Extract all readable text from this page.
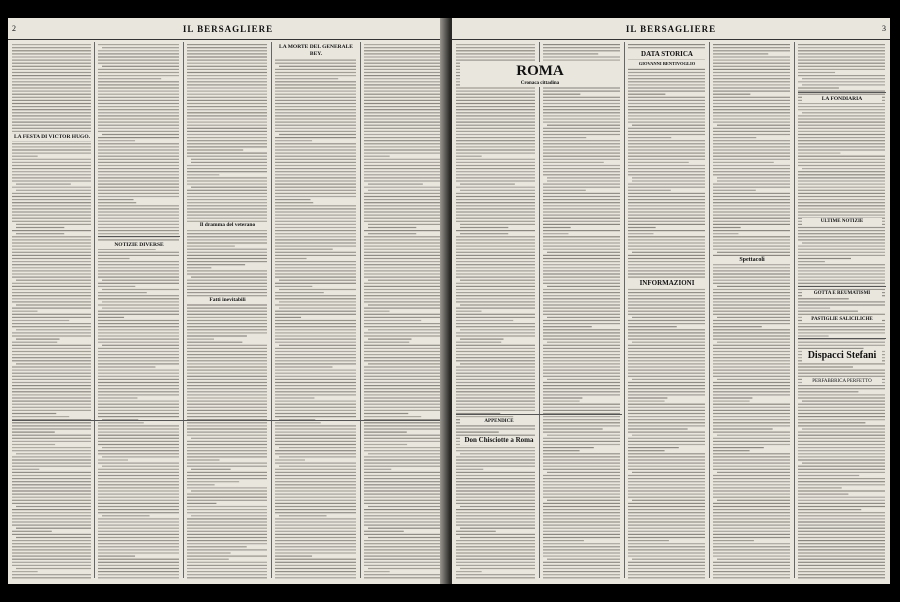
2	IL BERSAGLIERE
LA FESTA DI VICTOR HUGO.
NOTIZIE DIVERSE
Il dramma del veterano
Fatti inevitabili
LA MORTE DEL GENERALE BEY.
IL BERSAGLIERE	3
DATA STORICA
GIOVANNI BENTIVOGLIO
INFORMAZIONI
Spettacoli
ROMA
Cronaca cittadina
APPENDICE
Don Chisciotte a Roma
LA FONDIARIA
GOTTA E REUMATISMI
PASTIGLIE SALICILICHE
Dispacci Stefani
PERFABBRICA PERFETTO
ULTIME NOTIZIE
